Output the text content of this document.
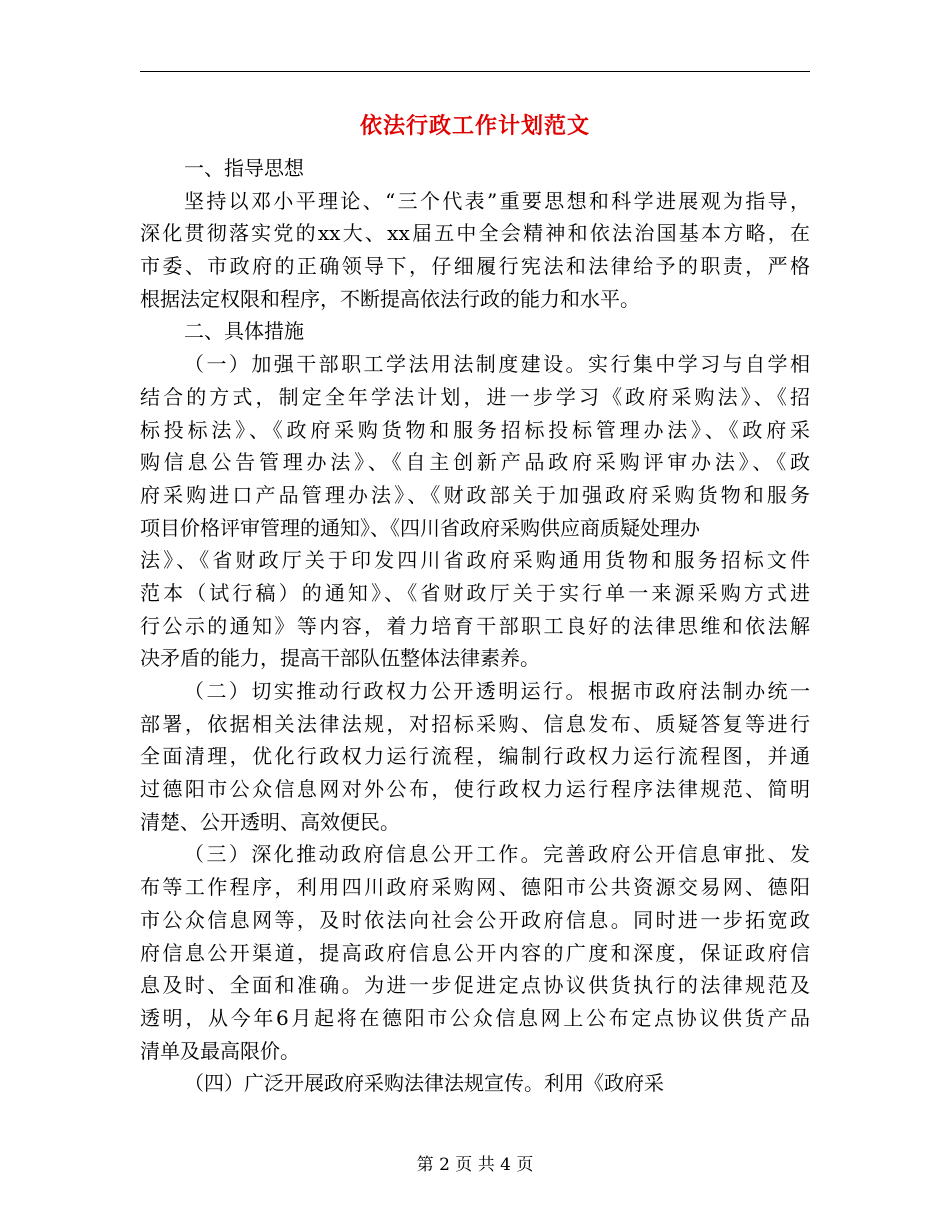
依法行政工作计划范文
一、指导思想
坚持以邓小平理论、“三个代表”重要思想和科学进展观为指导，
深化贯彻落实党的xx大、xx届五中全会精神和依法治国基本方略，在
市委、市政府的正确领导下，仔细履行宪法和法律给予的职责，严格
根据法定权限和程序，不断提高依法行政的能力和水平。
二、具体措施
（一）加强干部职工学法用法制度建设。实行集中学习与自学相
结合的方式，制定全年学法计划，进一步学习《政府采购法》、《招
标投标法》、《政府采购货物和服务招标投标管理办法》、《政府采
购信息公告管理办法》、《自主创新产品政府采购评审办法》、《政
府采购进口产品管理办法》、《财政部关于加强政府采购货物和服务
项目价格评审管理的通知》、《四川省政府采购供应商质疑处理办
法》、《省财政厅关于印发四川省政府采购通用货物和服务招标文件
范本（试行稿）的通知》、《省财政厅关于实行单一来源采购方式进
行公示的通知》等内容，着力培育干部职工良好的法律思维和依法解
决矛盾的能力，提高干部队伍整体法律素养。
（二）切实推动行政权力公开透明运行。根据市政府法制办统一
部署，依据相关法律法规，对招标采购、信息发布、质疑答复等进行
全面清理，优化行政权力运行流程，编制行政权力运行流程图，并通
过德阳市公众信息网对外公布，使行政权力运行程序法律规范、简明
清楚、公开透明、高效便民。
（三）深化推动政府信息公开工作。完善政府公开信息审批、发
布等工作程序，利用四川政府采购网、德阳市公共资源交易网、德阳
市公众信息网等，及时依法向社会公开政府信息。同时进一步拓宽政
府信息公开渠道，提高政府信息公开内容的广度和深度，保证政府信
息及时、全面和准确。为进一步促进定点协议供货执行的法律规范及
透明，从今年6月起将在德阳市公众信息网上公布定点协议供货产品
清单及最高限价。
（四）广泛开展政府采购法律法规宣传。利用《政府采
第 2 页 共 4 页
